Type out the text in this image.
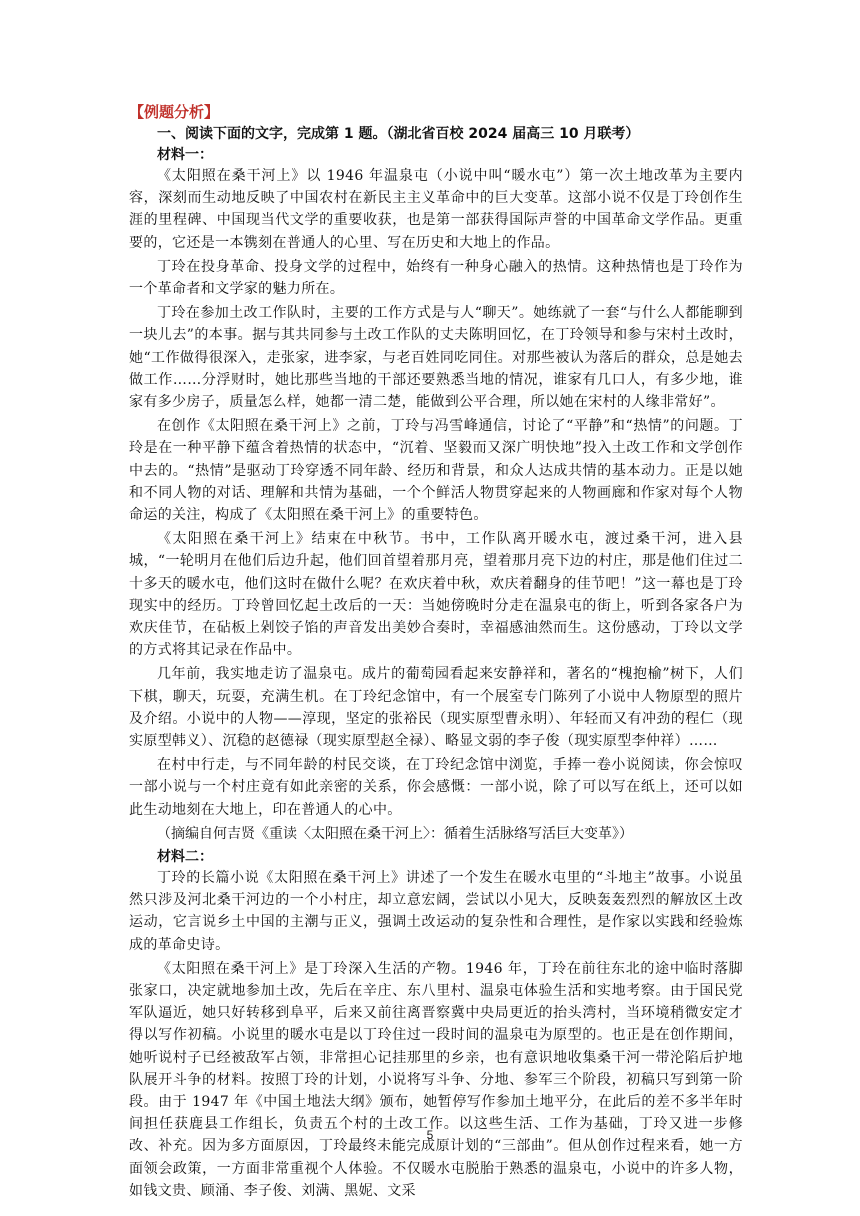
【例题分析】
一、阅读下面的文字，完成第 1 题。（湖北省百校 2024 届高三 10 月联考）
材料一：

《太阳照在桑干河上》以 1946 年温泉屯（小说中叫“暖水屯”）第一次土地改革为主要内容，深刻而生动地反映了中国农村在新民主主义革命中的巨大变革。这部小说不仅是丁玲创作生涯的里程碑、中国现当代文学的重要收获，也是第一部获得国际声誉的中国革命文学作品。更重要的，它还是一本镌刻在普通人的心里、写在历史和大地上的作品。

丁玲在投身革命、投身文学的过程中，始终有一种身心融入的热情。这种热情也是丁玲作为一个革命者和文学家的魅力所在。

丁玲在参加土改工作队时，主要的工作方式是与人“聊天”。她练就了一套“与什么人都能聊到一块儿去”的本事。据与其共同参与土改工作队的丈夫陈明回忆，在丁玲领导和参与宋村土改时，她“工作做得很深入，走张家，进李家，与老百姓同吃同住。对那些被认为落后的群众，总是她去做工作……分浮财时，她比那些当地的干部还要熟悉当地的情况，谁家有几口人，有多少地，谁家有多少房子，质量怎么样，她都一清二楚，能做到公平合理，所以她在宋村的人缘非常好”。

在创作《太阳照在桑干河上》之前，丁玲与冯雪峰通信，讨论了“平静”和“热情”的问题。丁玲是在一种平静下蕴含着热情的状态中，“沉着、坚毅而又深广明快地”投入土改工作和文学创作中去的。“热情”是驱动丁玲穿透不同年龄、经历和背景，和众人达成共情的基本动力。正是以她和不同人物的对话、理解和共情为基础，一个个鲜活人物贯穿起来的人物画廊和作家对每个人物命运的关注，构成了《太阳照在桑干河上》的重要特色。

《太阳照在桑干河上》结束在中秋节。书中，工作队离开暖水屯，渡过桑干河，进入县城，“一轮明月在他们后边升起，他们回首望着那月亮，望着那月亮下边的村庄，那是他们住过二十多天的暖水屯，他们这时在做什么呢？在欢庆着中秋，欢庆着翻身的佳节吧！”这一幕也是丁玲现实中的经历。丁玲曾回忆起土改后的一天：当她傍晚时分走在温泉屯的街上，听到各家各户为欢庆佳节，在砧板上剁饺子馅的声音发出美妙合奏时，幸福感油然而生。这份感动，丁玲以文学的方式将其记录在作品中。

几年前，我实地走访了温泉屯。成片的葡萄园看起来安静祥和，著名的“槐抱榆”树下，人们下棋，聊天，玩耍，充满生机。在丁玲纪念馆中，有一个展室专门陈列了小说中人物原型的照片及介绍。小说中的人物——淳现，坚定的张裕民（现实原型曹永明）、年轻而又有冲劲的程仁（现实原型韩义）、沉稳的赵德禄（现实原型赵全禄）、略显文弱的李子俊（现实原型李仲祥）……

在村中行走，与不同年龄的村民交谈，在丁玲纪念馆中浏览，手捧一卷小说阅读，你会惊叹一部小说与一个村庄竟有如此亲密的关系，你会感慨：一部小说，除了可以写在纸上，还可以如此生动地刻在大地上，印在普通人的心中。

（摘编自何吉贤《重读〈太阳照在桑干河上〉：循着生活脉络写活巨大变革》）

材料二：

丁玲的长篇小说《太阳照在桑干河上》讲述了一个发生在暖水屯里的“斗地主”故事。小说虽然只涉及河北桑干河边的一个小村庄，却立意宏阔，尝试以小见大，反映轰轰烈烈的解放区土改运动，它言说乡土中国的主潮与正义，强调土改运动的复杂性和合理性，是作家以实践和经验炼成的革命史诗。

《太阳照在桑干河上》是丁玲深入生活的产物。1946 年，丁玲在前往东北的途中临时落脚张家口，决定就地参加土改，先后在辛庄、东八里村、温泉屯体验生活和实地考察。由于国民党军队逼近，她只好转移到阜平，后来又前往离晋察冀中央局更近的抬头湾村，当环境稍微安定才得以写作初稿。小说里的暖水屯是以丁玲住过一段时间的温泉屯为原型的。也正是在创作期间，她听说村子已经被敌军占领，非常担心记挂那里的乡亲，也有意识地收集桑干河一带沦陷后护地队展开斗争的材料。按照丁玲的计划，小说将写斗争、分地、参军三个阶段，初稿只写到第一阶段。由于 1947 年《中国土地法大纲》颁布，她暂停写作参加土地平分，在此后的差不多半年时间担任获鹿县工作组长，负责五个村的土改工作。以这些生活、工作为基础，丁玲又进一步修改、补充。因为多方面原因，丁玲最终未能完成原计划的“三部曲”。但从创作过程来看，她一方面领会政策，一方面非常重视个人体验。不仅暖水屯脱胎于熟悉的温泉屯，小说中的许多人物，如钱文贵、顾涌、李子俊、刘满、黑妮、文采

5
